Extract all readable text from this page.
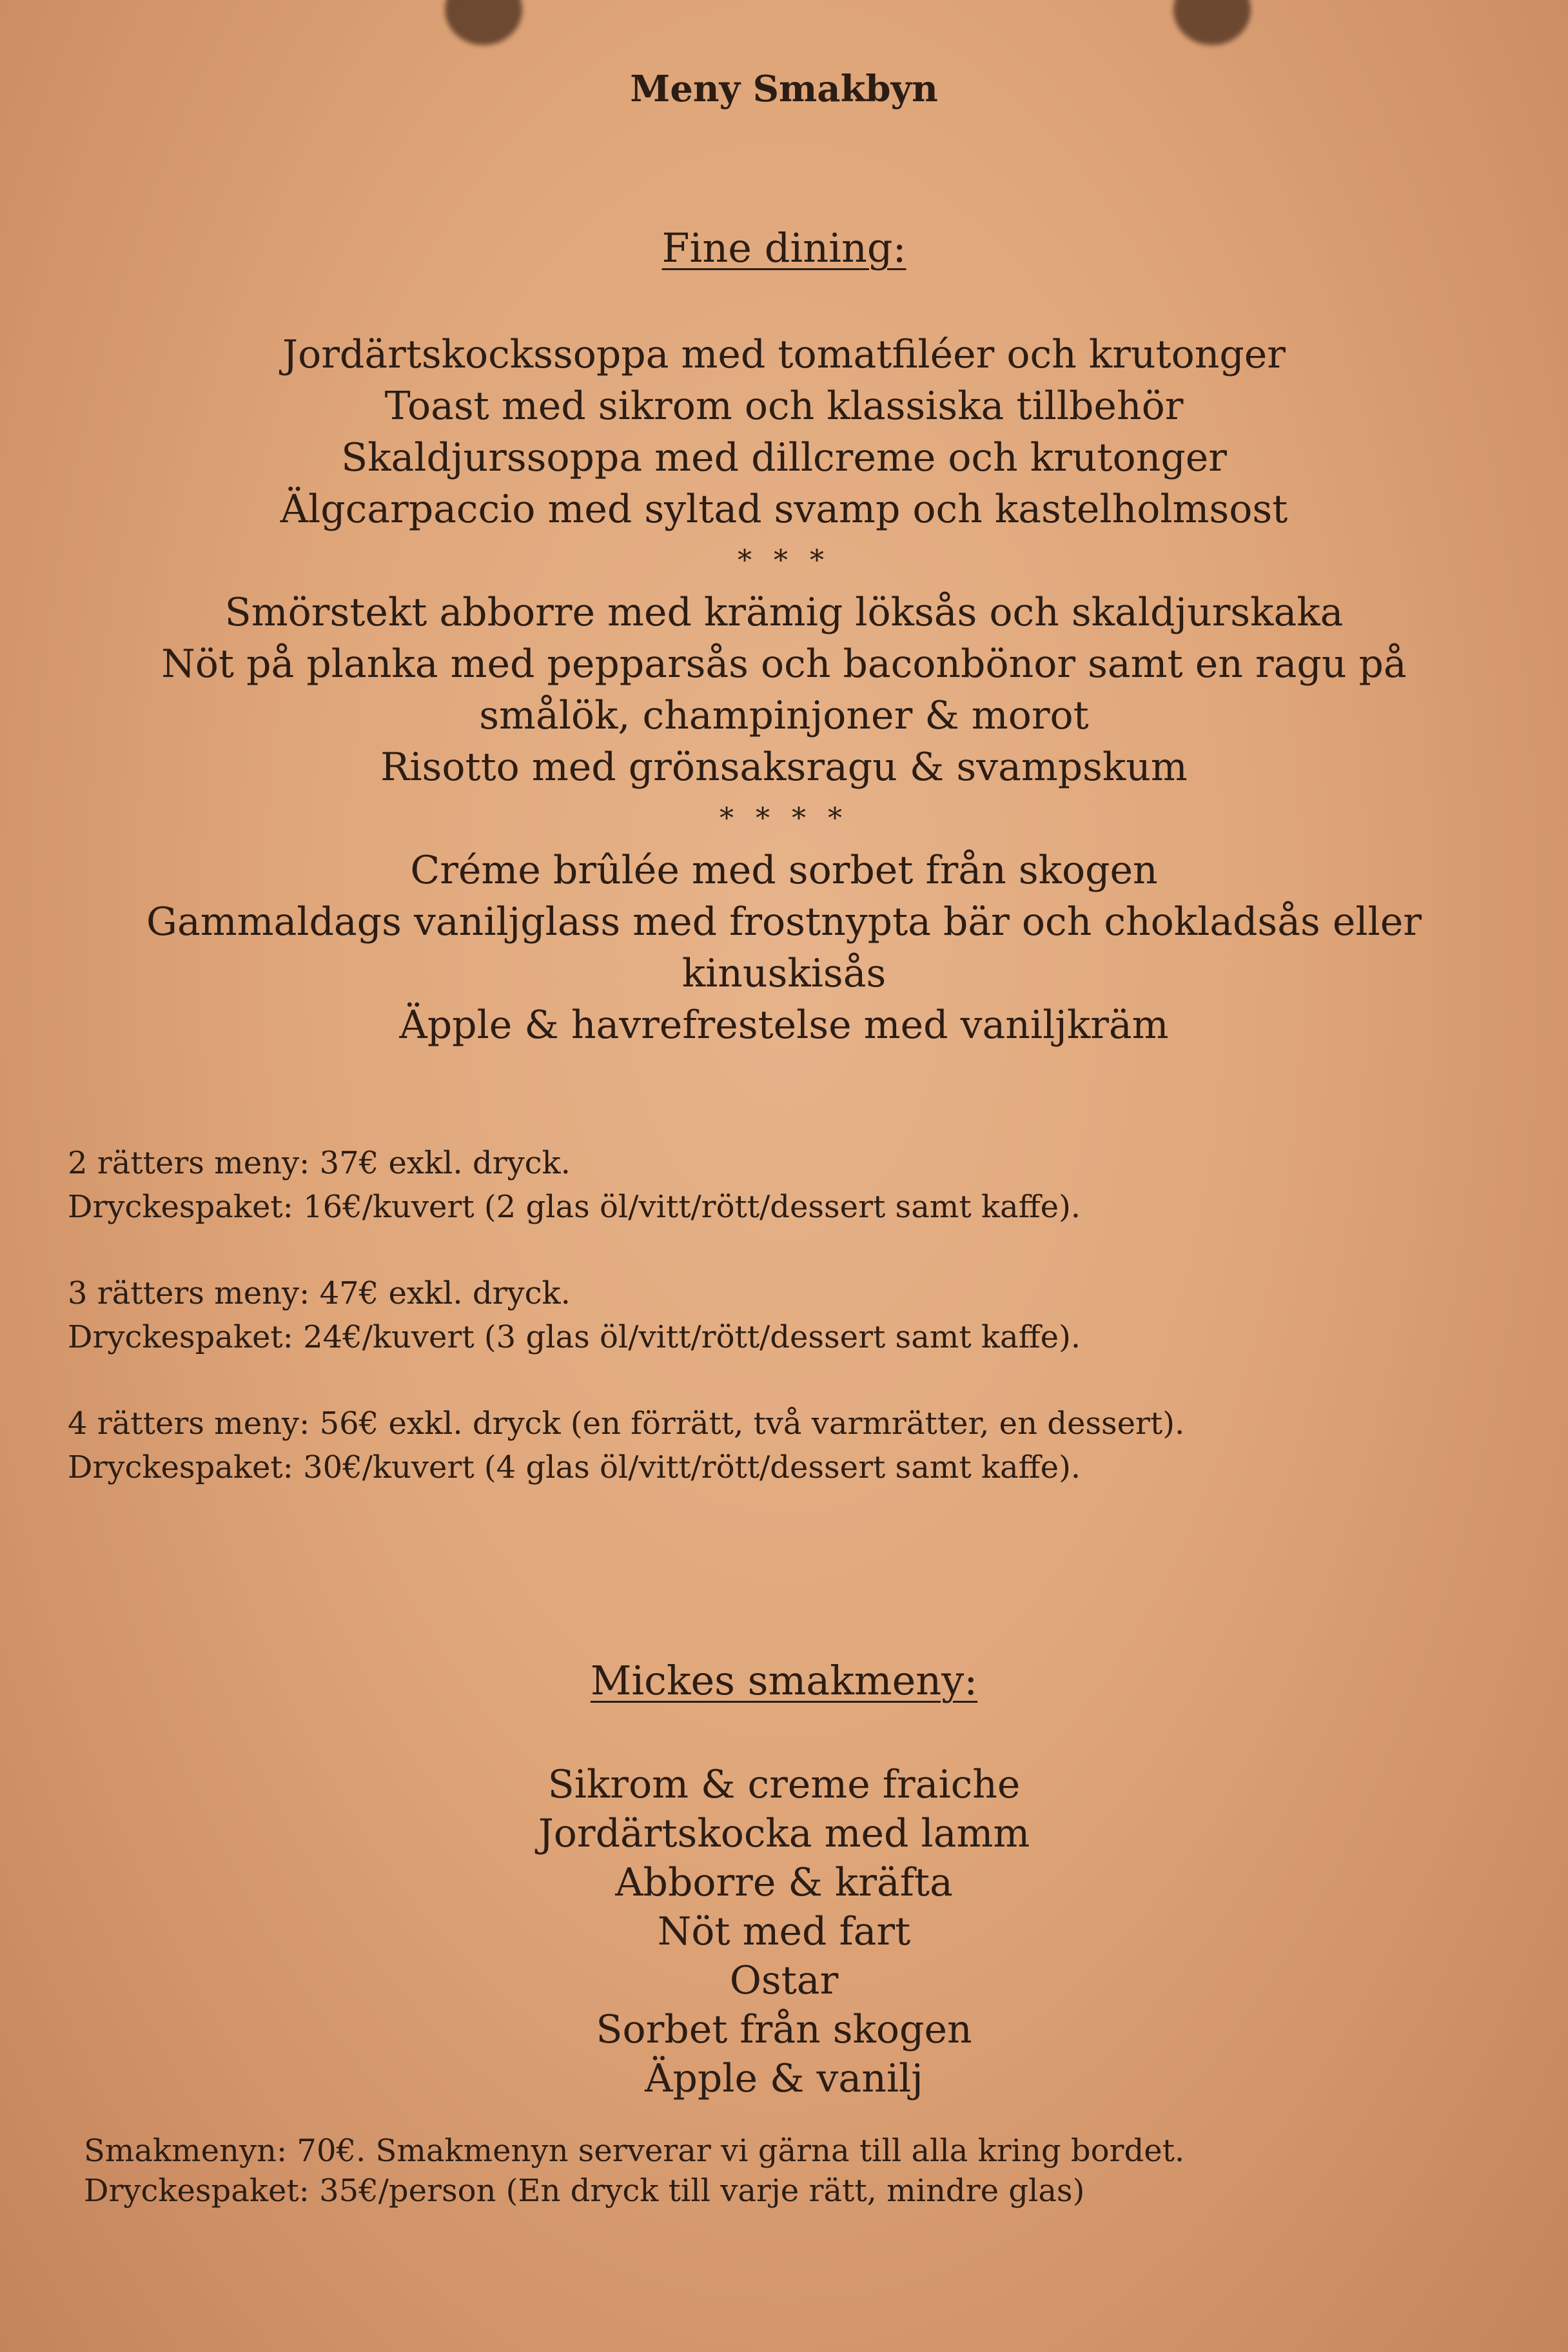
Meny Smakbyn
Fine dining:
Jordärtskockssoppa med tomatfiléer och krutonger
Toast med sikrom och klassiska tillbehör
Skaldjurssoppa med dillcreme och krutonger
Älgcarpaccio med syltad svamp och kastelholmsost
* * *
Smörstekt abborre med krämig löksås och skaldjurskaka
Nöt på planka med pepparsås och baconbönor samt en ragu på
smålök, champinjoner & morot
Risotto med grönsaksragu & svampskum
* * * *
Créme brûlée med sorbet från skogen
Gammaldags vaniljglass med frostnypta bär och chokladsås eller
kinuskisås
Äpple & havrefrestelse med vaniljkräm
2 rätters meny: 37€ exkl. dryck.
Dryckespaket: 16€/kuvert (2 glas öl/vitt/rött/dessert samt kaffe).
3 rätters meny: 47€ exkl. dryck.
Dryckespaket: 24€/kuvert (3 glas öl/vitt/rött/dessert samt kaffe).
4 rätters meny: 56€ exkl. dryck (en förrätt, två varmrätter, en dessert).
Dryckespaket: 30€/kuvert (4 glas öl/vitt/rött/dessert samt kaffe).
Mickes smakmeny:
Sikrom & creme fraiche
Jordärtskocka med lamm
Abborre & kräfta
Nöt med fart
Ostar
Sorbet från skogen
Äpple & vanilj
Smakmenyn: 70€. Smakmenyn serverar vi gärna till alla kring bordet.
Dryckespaket: 35€/person (En dryck till varje rätt, mindre glas)
